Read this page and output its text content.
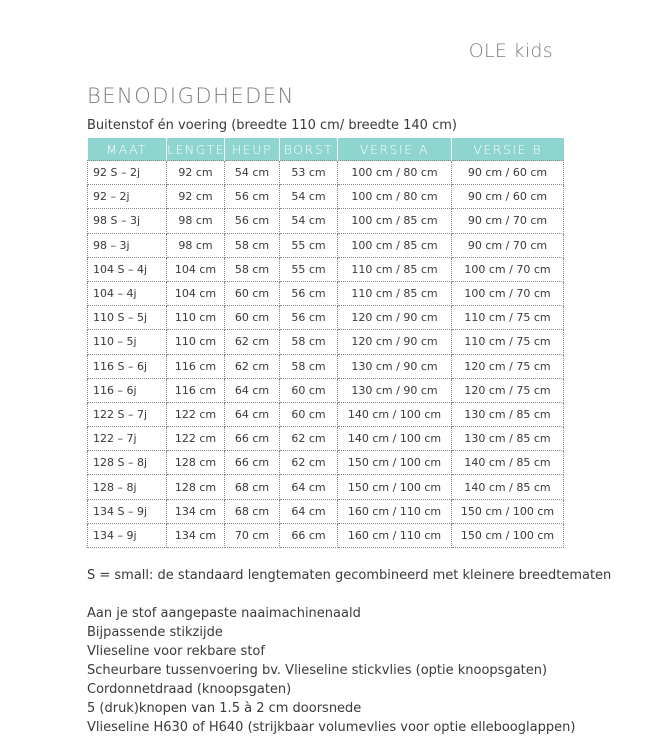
OLE kids
BENODIGDHEDEN
Buitenstof én voering (breedte 110 cm/ breedte 140 cm)
MAAT	LENGTE	HEUP	BORST	VERSIE A	VERSIE B
92 S – 2j	92 cm	54 cm	53 cm	100 cm / 80 cm	90 cm / 60 cm
92 – 2j	92 cm	56 cm	54 cm	100 cm / 80 cm	90 cm / 60 cm
98 S – 3j	98 cm	56 cm	54 cm	100 cm / 85 cm	90 cm / 70 cm
98 – 3j	98 cm	58 cm	55 cm	100 cm / 85 cm	90 cm / 70 cm
104 S – 4j	104 cm	58 cm	55 cm	110 cm / 85 cm	100 cm / 70 cm
104 – 4j	104 cm	60 cm	56 cm	110 cm / 85 cm	100 cm / 70 cm
110 S – 5j	110 cm	60 cm	56 cm	120 cm / 90 cm	110 cm / 75 cm
110 – 5j	110 cm	62 cm	58 cm	120 cm / 90 cm	110 cm / 75 cm
116 S – 6j	116 cm	62 cm	58 cm	130 cm / 90 cm	120 cm / 75 cm
116 – 6j	116 cm	64 cm	60 cm	130 cm / 90 cm	120 cm / 75 cm
122 S – 7j	122 cm	64 cm	60 cm	140 cm / 100 cm	130 cm / 85 cm
122 – 7j	122 cm	66 cm	62 cm	140 cm / 100 cm	130 cm / 85 cm
128 S – 8j	128 cm	66 cm	62 cm	150 cm / 100 cm	140 cm / 85 cm
128 – 8j	128 cm	68 cm	64 cm	150 cm / 100 cm	140 cm / 85 cm
134 S – 9j	134 cm	68 cm	64 cm	160 cm / 110 cm	150 cm / 100 cm
134 – 9j	134 cm	70 cm	66 cm	160 cm / 110 cm	150 cm / 100 cm
S = small: de standaard lengtematen gecombineerd met kleinere breedtematen
Aan je stof aangepaste naaimachinenaald
Bijpassende stikzijde
Vlieseline voor rekbare stof
Scheurbare tussenvoering bv. Vlieseline stickvlies (optie knoopsgaten)
Cordonnetdraad (knoopsgaten)
5 (druk)knopen van 1.5 à 2 cm doorsnede
Vlieseline H630 of H640 (strijkbaar volumevlies voor optie ellebooglappen)
